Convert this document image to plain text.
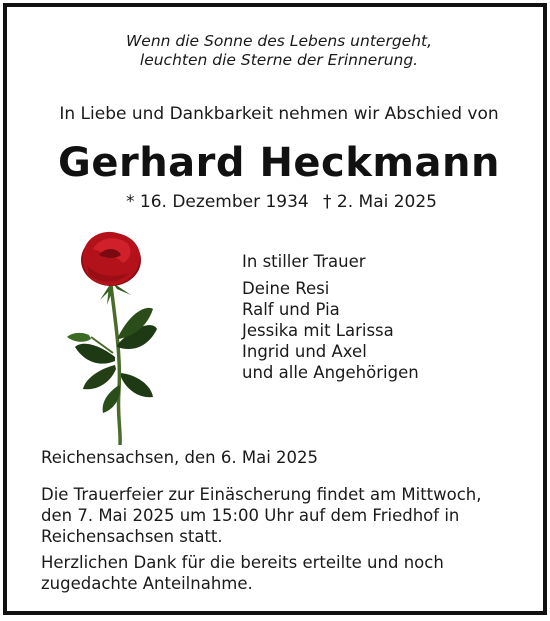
Wenn die Sonne des Lebens untergeht,
leuchten die Sterne der Erinnerung.
In Liebe und Dankbarkeit nehmen wir Abschied von
Gerhard Heckmann
* 16. Dezember 1934 † 2. Mai 2025
In stiller Trauer
Deine Resi
Ralf und Pia
Jessika mit Larissa
Ingrid und Axel
und alle Angehörigen
Reichensachsen, den 6. Mai 2025
Die Trauerfeier zur Einäscherung findet am Mittwoch,
den 7. Mai 2025 um 15:00 Uhr auf dem Friedhof in
Reichensachsen statt.
Herzlichen Dank für die bereits erteilte und noch
zugedachte Anteilnahme.
